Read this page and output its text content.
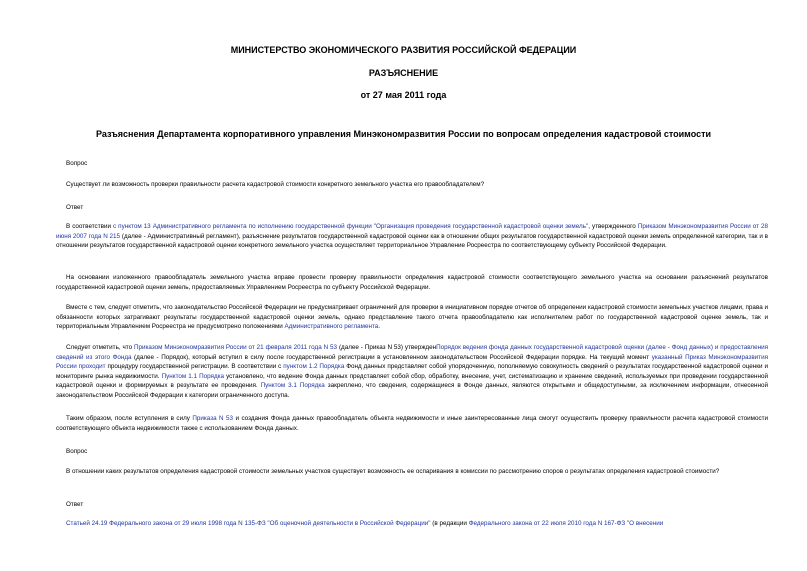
МИНИСТЕРСТВО ЭКОНОМИЧЕСКОГО РАЗВИТИЯ РОССИЙСКОЙ ФЕДЕРАЦИИ
РАЗЪЯСНЕНИЕ
от 27 мая 2011 года
Разъяснения Департамента корпоративного управления Минэкономразвития России по вопросам определения кадастровой стоимости
Вопрос
Существует ли возможность проверки правильности расчета кадастровой стоимости конкретного земельного участка его правообладателем?
Ответ
В соответствии с пунктом 13 Административного регламента по исполнению государственной функции "Организация проведения государственной кадастровой оценки земель", утвержденного Приказом Минэкономразвития России от 28 июня 2007 года N 215 (далее - Административный регламент), разъяснение результатов государственной кадастровой оценки как в отношении общих результатов государственной кадастровой оценки земель определенной категории, так и в отношении результатов государственной кадастровой оценки конкретного земельного участка осуществляет территориальное Управление Росреестра по соответствующему субъекту Российской Федерации.
На основании изложенного правообладатель земельного участка вправе провести проверку правильности определения кадастровой стоимости соответствующего земельного участка на основании разъяснений результатов государственной кадастровой оценки земель, предоставляемых Управлением Росреестра по субъекту Российской Федерации.
Вместе с тем, следует отметить, что законодательство Российской Федерации не предусматривает ограничений для проверки в инициативном порядке отчетов об определении кадастровой стоимости земельных участков лицами, права и обязанности которых затрагивают результаты государственной кадастровой оценки земель, однако представление такого отчета правообладателю как исполнителем работ по государственной кадастровой оценке земель, так и территориальным Управлением Росреестра не предусмотрено положениями Административного регламента.
Следует отметить, что Приказом Минэкономразвития России от 21 февраля 2011 года N 53 (далее - Приказ N 53) утвержденПорядок ведения фонда данных государственной кадастровой оценки (далее - Фонд данных) и предоставления сведений из этого Фонда (далее - Порядок), который вступил в силу после государственной регистрации в установленном законодательством Российской Федерации порядке. На текущий момент указанный Приказ Минэкономразвития России проходит процедуру государственной регистрации. В соответствии с пунктом 1.2 Порядка Фонд данных представляет собой упорядоченную, пополняемую совокупность сведений о результатах государственной кадастровой оценки и мониторинге рынка недвижимости. Пунктом 1.1 Порядка установлено, что ведение Фонда данных представляет собой сбор, обработку, внесение, учет, систематизацию и хранение сведений, используемых при проведении государственной кадастровой оценки и формируемых в результате ее проведения. Пунктом 3.1 Порядка закреплено, что сведения, содержащиеся в Фонде данных, являются открытыми и общедоступными, за исключением информации, отнесенной законодательством Российской Федерации к категории ограниченного доступа.
Таким образом, после вступления в силу Приказа N 53 и создания Фонда данных правообладатель объекта недвижимости и иные заинтересованные лица смогут осуществить проверку правильности расчета кадастровой стоимости соответствующего объекта недвижимости также с использованием Фонда данных.
Вопрос
В отношении каких результатов определения кадастровой стоимости земельных участков существует возможность ее оспаривания в комиссии по рассмотрению споров о результатах определения кадастровой стоимости?
Ответ
Статьей 24.19 Федерального закона от 29 июля 1998 года N 135-ФЗ "Об оценочной деятельности в Российской Федерации" (в редакции Федерального закона от 22 июля 2010 года N 167-ФЗ "О внесении
